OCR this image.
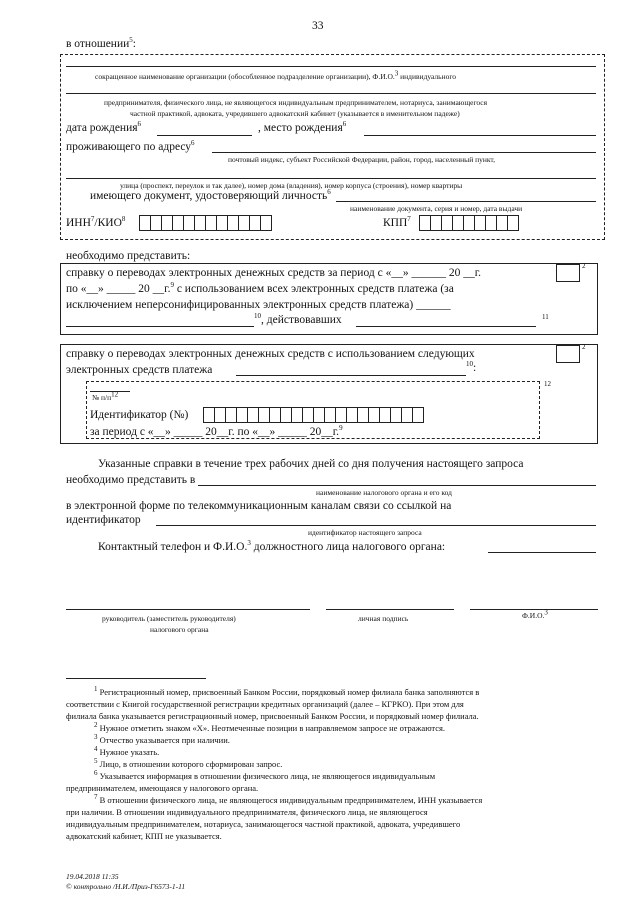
33
в отношении$^5$:
сокращенное наименование организации (обособленное подразделение организации), Ф.И.О.$^3$ индивидуального
предпринимателя, физического лица, не являющегося индивидуальным предпринимателем, нотариуса, занимающегося
частной практикой, адвоката, учредившего адвокатский кабинет (указывается в именительном падеже)
дата рождения$^6$	, место рождения$^6$
проживающего по адресу$^6$
почтовый индекс, субъект Российской Федерации, район, город, населенный пункт,
улица (проспект, переулок и так далее), номер дома (владения), номер корпуса (строения), номер квартиры
имеющего документ, удостоверяющий личность$^6$
наименование документа, серия и номер, дата выдачи
ИНН$^7$/КИО$^8$	КПП$^7$
необходимо представить:
справку о переводах электронных денежных средств за период с «__» ______ 20 __г.
2
по «__» _____ 20 __г.$^9$ с использованием всех электронных средств платежа (за
исключением неперсонифицированных электронных средств платежа) ______
$^{10}$, действовавших	11
справку о переводах электронных денежных средств с использованием следующих
2
электронных средств платежа	$^{10}$:
12
№ $п/п^{12}$
Идентификатор (№)
за период с «__» _____ 20__г. по «__» _____ 20__г.$^9$
Указанные справки в течение трех рабочих дней со дня получения настоящего запроса
необходимо представить в
наименование налогового органа и его код
в электронной форме по телекоммуникационным каналам связи со ссылкой на
идентификатор
идентификатор настоящего запроса
Контактный телефон и Ф.И.О.$^3$ должностного лица налогового органа:
руководитель (заместитель руководителя)
налогового органа
личная подпись	Ф.И.О.$^3$
$^1$ Регистрационный номер, присвоенный Банком России, порядковый номер филиала банка заполняются в
соответствии с Книгой государственной регистрации кредитных организаций (далее – КГРКО). При этом для
филиала банка указывается регистрационный номер, присвоенный Банком России, и порядковый номер филиала.
$^2$ Нужное отметить знаком «X». Неотмеченные позиции в направляемом запросе не отражаются.
$^3$ Отчество указывается при наличии.
$^4$ Нужное указать.
$^5$ Лицо, в отношении которого сформирован запрос.
$^6$ Указывается информация в отношении физического лица, не являющегося индивидуальным
предпринимателем, имеющаяся у налогового органа.
$^7$ В отношении физического лица, не являющегося индивидуальным предпринимателем, ИНН указывается
при наличии. В отношении индивидуального предпринимателя, физического лица, не являющегося
индивидуальным предпринимателем, нотариуса, занимающегося частной практикой, адвоката, учредившего
адвокатский кабинет, КПП не указывается.
19.04.2018 11:35
© контрольно /Н.И./Приз-Г6573-1-11
